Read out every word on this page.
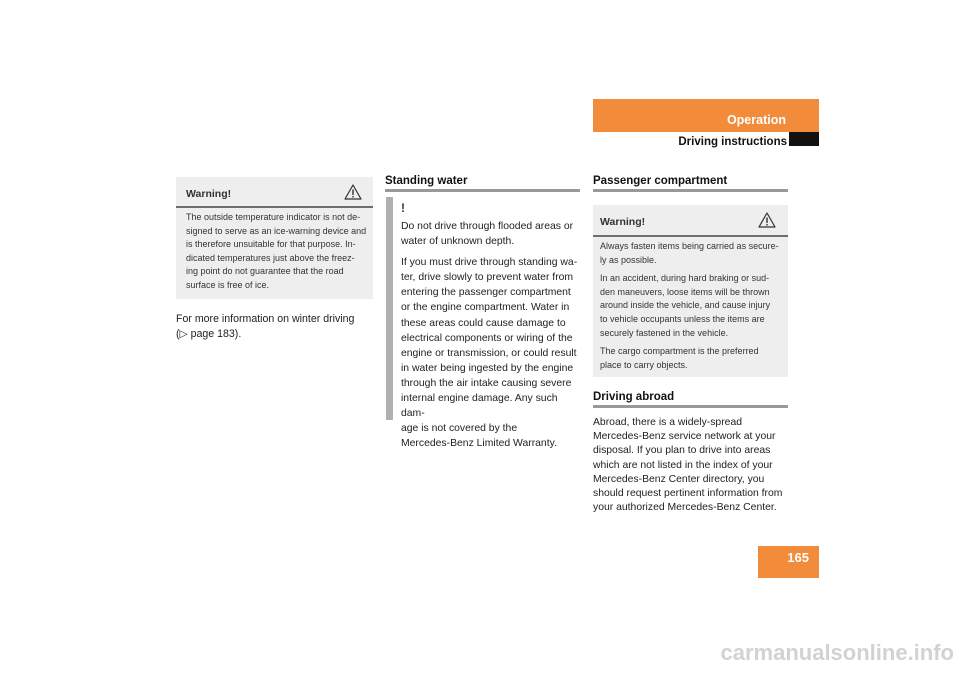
Operation
Driving instructions
Warning!
The outside temperature indicator is not de-
signed to serve as an ice-warning device and
is therefore unsuitable for that purpose. In-
dicated temperatures just above the freez-
ing point do not guarantee that the road
surface is free of ice.
For more information on winter driving
(▷ page 183).
Standing water
!
Do not drive through flooded areas or
water of unknown depth.
If you must drive through standing wa-
ter, drive slowly to prevent water from
entering the passenger compartment
or the engine compartment. Water in
these areas could cause damage to
electrical components or wiring of the
engine or transmission, or could result
in water being ingested by the engine
through the air intake causing severe
internal engine damage. Any such dam-
age is not covered by the
Mercedes-Benz Limited Warranty.
Passenger compartment
Warning!
Always fasten items being carried as secure-
ly as possible.
In an accident, during hard braking or sud-
den maneuvers, loose items will be thrown
around inside the vehicle, and cause injury
to vehicle occupants unless the items are
securely fastened in the vehicle.
The cargo compartment is the preferred
place to carry objects.
Driving abroad
Abroad, there is a widely-spread
Mercedes-Benz service network at your
disposal. If you plan to drive into areas
which are not listed in the index of your
Mercedes-Benz Center directory, you
should request pertinent information from
your authorized Mercedes-Benz Center.
165
carmanualsonline.info
